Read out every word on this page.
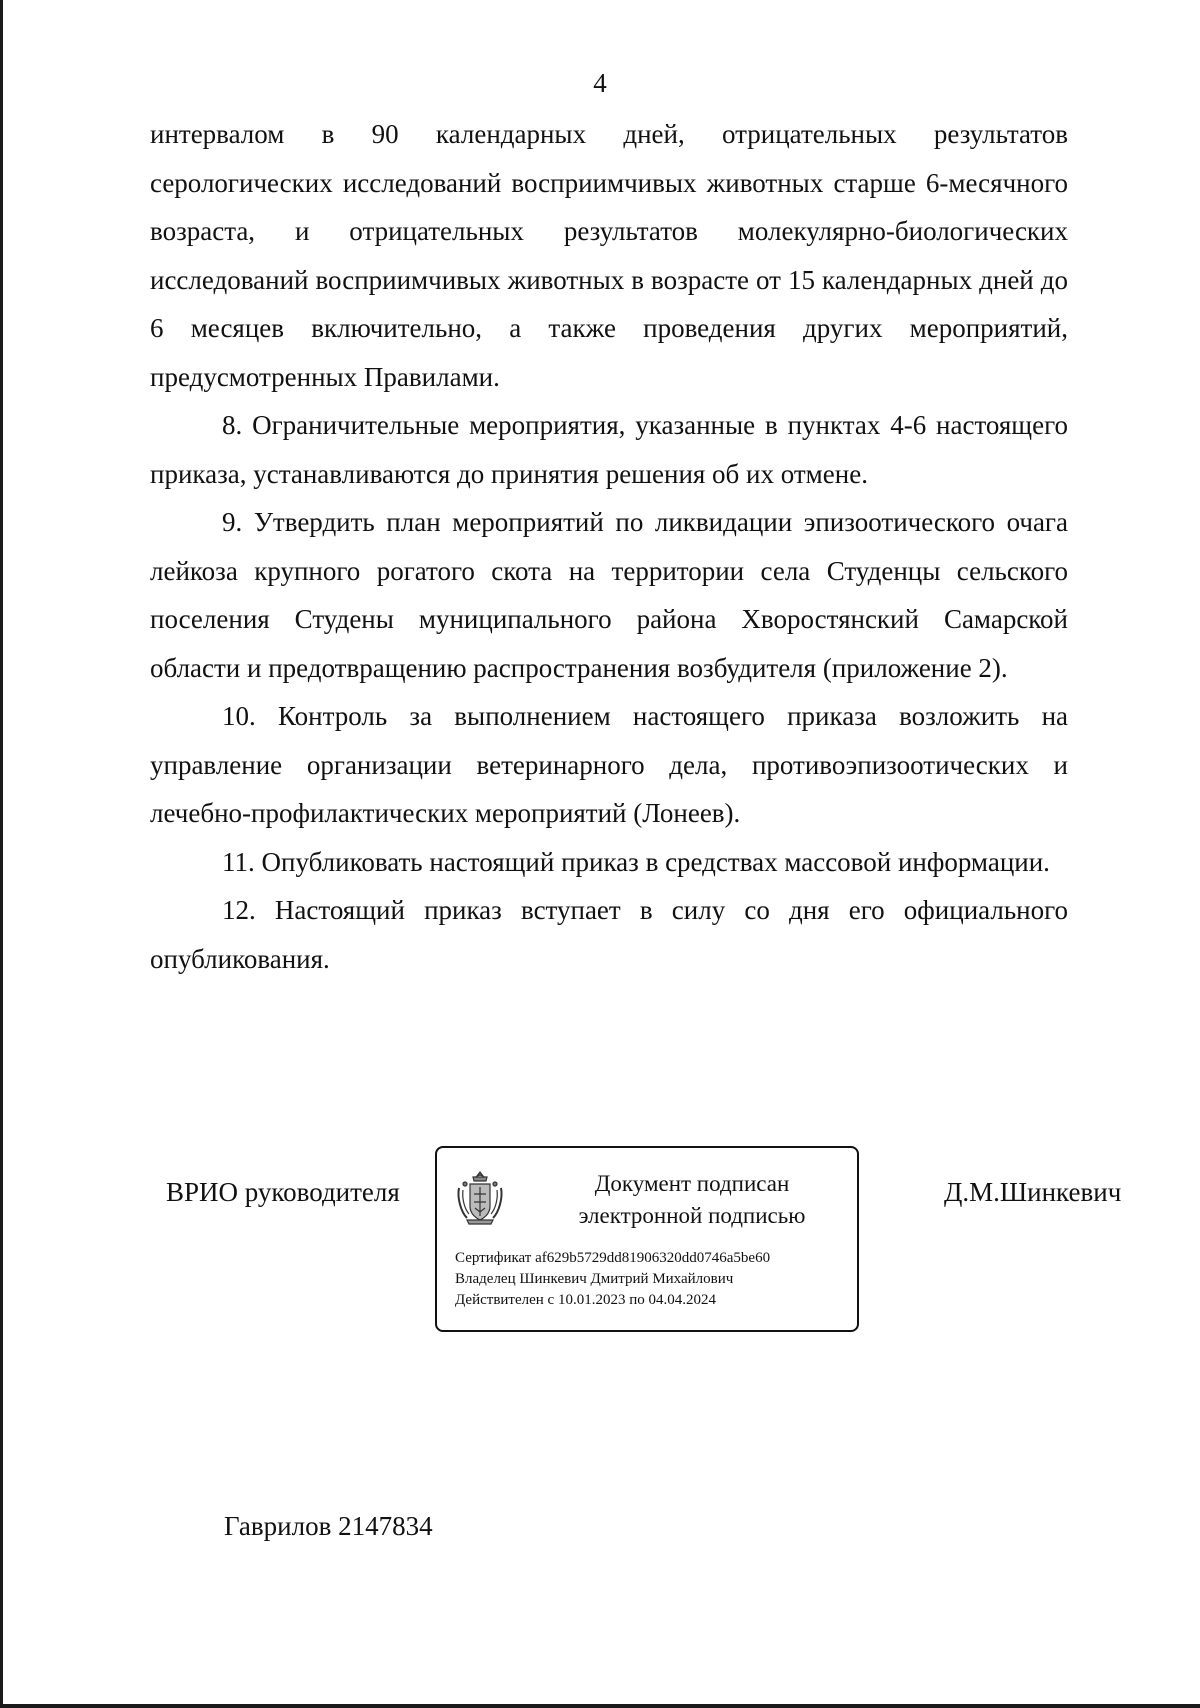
4

интервалом в 90 календарных дней, отрицательных результатов серологических исследований восприимчивых животных старше 6-месячного возраста, и отрицательных результатов молекулярно-биологических исследований восприимчивых животных в возрасте от 15 календарных дней до 6 месяцев включительно, а также проведения других мероприятий, предусмотренных Правилами.

8. Ограничительные мероприятия, указанные в пунктах 4-6 настоящего приказа, устанавливаются до принятия решения об их отмене.

9. Утвердить план мероприятий по ликвидации эпизоотического очага лейкоза крупного рогатого скота на территории села Студенцы сельского поселения Студены муниципального района Хворостянский Самарской области и предотвращению распространения возбудителя (приложение 2).

10. Контроль за выполнением настоящего приказа возложить на управление организации ветеринарного дела, противоэпизоотических и лечебно-профилактических мероприятий (Лонеев).

11. Опубликовать настоящий приказ в средствах массовой информации.

12. Настоящий приказ вступает в силу со дня его официального опубликования.

ВРИО руководителя	Документ подписан
электронной подписью
Сертификат af629b5729dd81906320dd0746a5be60
Владелец Шинкевич Дмитрий Михайлович
Действителен с 10.01.2023 по 04.04.2024
Д.М.Шинкевич
Гаврилов 2147834
